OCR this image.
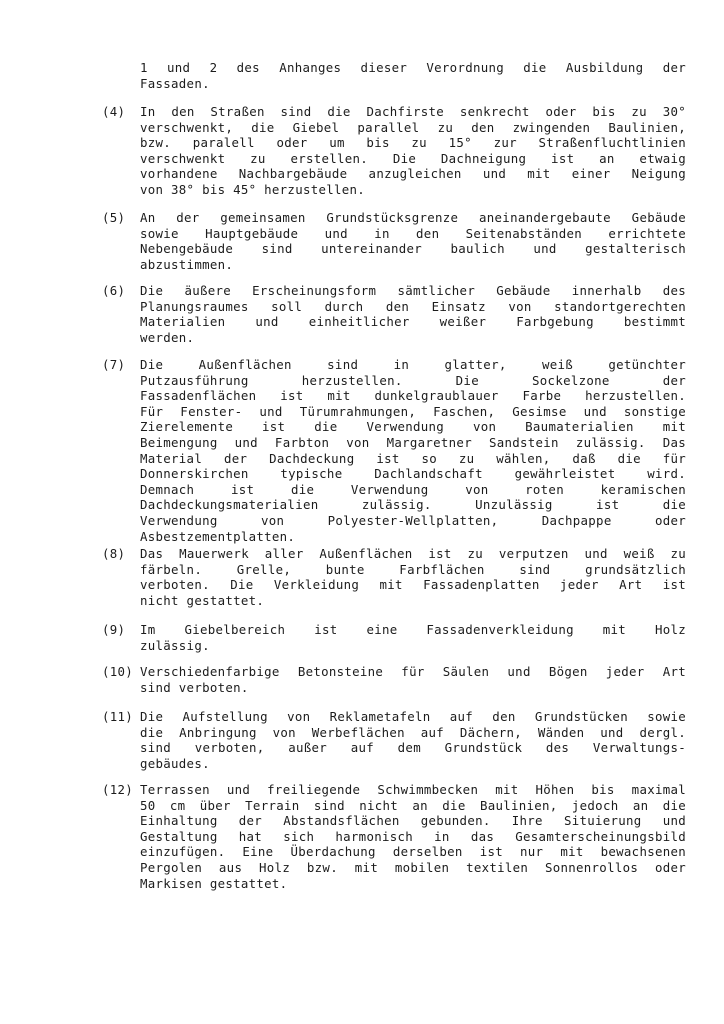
1 und 2 des Anhanges dieser Verordnung die Ausbildung der
Fassaden.
(4) In den Straßen sind die Dachfirste senkrecht oder bis zu 30°
verschwenkt, die Giebel parallel zu den zwingenden Baulinien,
bzw. paralell oder um bis zu 15° zur Straßenfluchtlinien
verschwenkt zu erstellen. Die Dachneigung ist an etwaig
vorhandene Nachbargebäude anzugleichen und mit einer Neigung
von 38° bis 45° herzustellen.
(5) An der gemeinsamen Grundstücksgrenze aneinandergebaute Gebäude
sowie Hauptgebäude und in den Seitenabständen errichtete
Nebengebäude sind untereinander baulich und gestalterisch
abzustimmen.
(6) Die äußere Erscheinungsform sämtlicher Gebäude innerhalb des
Planungsraumes soll durch den Einsatz von standortgerechten
Materialien und einheitlicher weißer Farbgebung bestimmt
werden.
(7) Die Außenflächen sind in glatter, weiß getünchter
Putzausführung herzustellen. Die Sockelzone der
Fassadenflächen ist mit dunkelgraublauer Farbe herzustellen.
Für Fenster- und Türumrahmungen, Faschen, Gesimse und sonstige
Zierelemente ist die Verwendung von Baumaterialien mit
Beimengung und Farbton von Margaretner Sandstein zulässig. Das
Material der Dachdeckung ist so zu wählen, daß die für
Donnerskirchen typische Dachlandschaft gewährleistet wird.
Demnach ist die Verwendung von roten keramischen
Dachdeckungsmaterialien zulässig. Unzulässig ist die
Verwendung von Polyester-Wellplatten, Dachpappe oder
Asbestzementplatten.
(8) Das Mauerwerk aller Außenflächen ist zu verputzen und weiß zu
färbeln. Grelle, bunte Farbflächen sind grundsätzlich
verboten. Die Verkleidung mit Fassadenplatten jeder Art ist
nicht gestattet.
(9) Im Giebelbereich ist eine Fassadenverkleidung mit Holz
zulässig.
(10) Verschiedenfarbige Betonsteine für Säulen und Bögen jeder Art
sind verboten.
(11) Die Aufstellung von Reklametafeln auf den Grundstücken sowie
die Anbringung von Werbeflächen auf Dächern, Wänden und dergl.
sind verboten, außer auf dem Grundstück des Verwaltungs-
gebäudes.
(12) Terrassen und freiliegende Schwimmbecken mit Höhen bis maximal
50 cm über Terrain sind nicht an die Baulinien, jedoch an die
Einhaltung der Abstandsflächen gebunden. Ihre Situierung und
Gestaltung hat sich harmonisch in das Gesamterscheinungsbild
einzufügen. Eine Überdachung derselben ist nur mit bewachsenen
Pergolen aus Holz bzw. mit mobilen textilen Sonnenrollos oder
Markisen gestattet.
